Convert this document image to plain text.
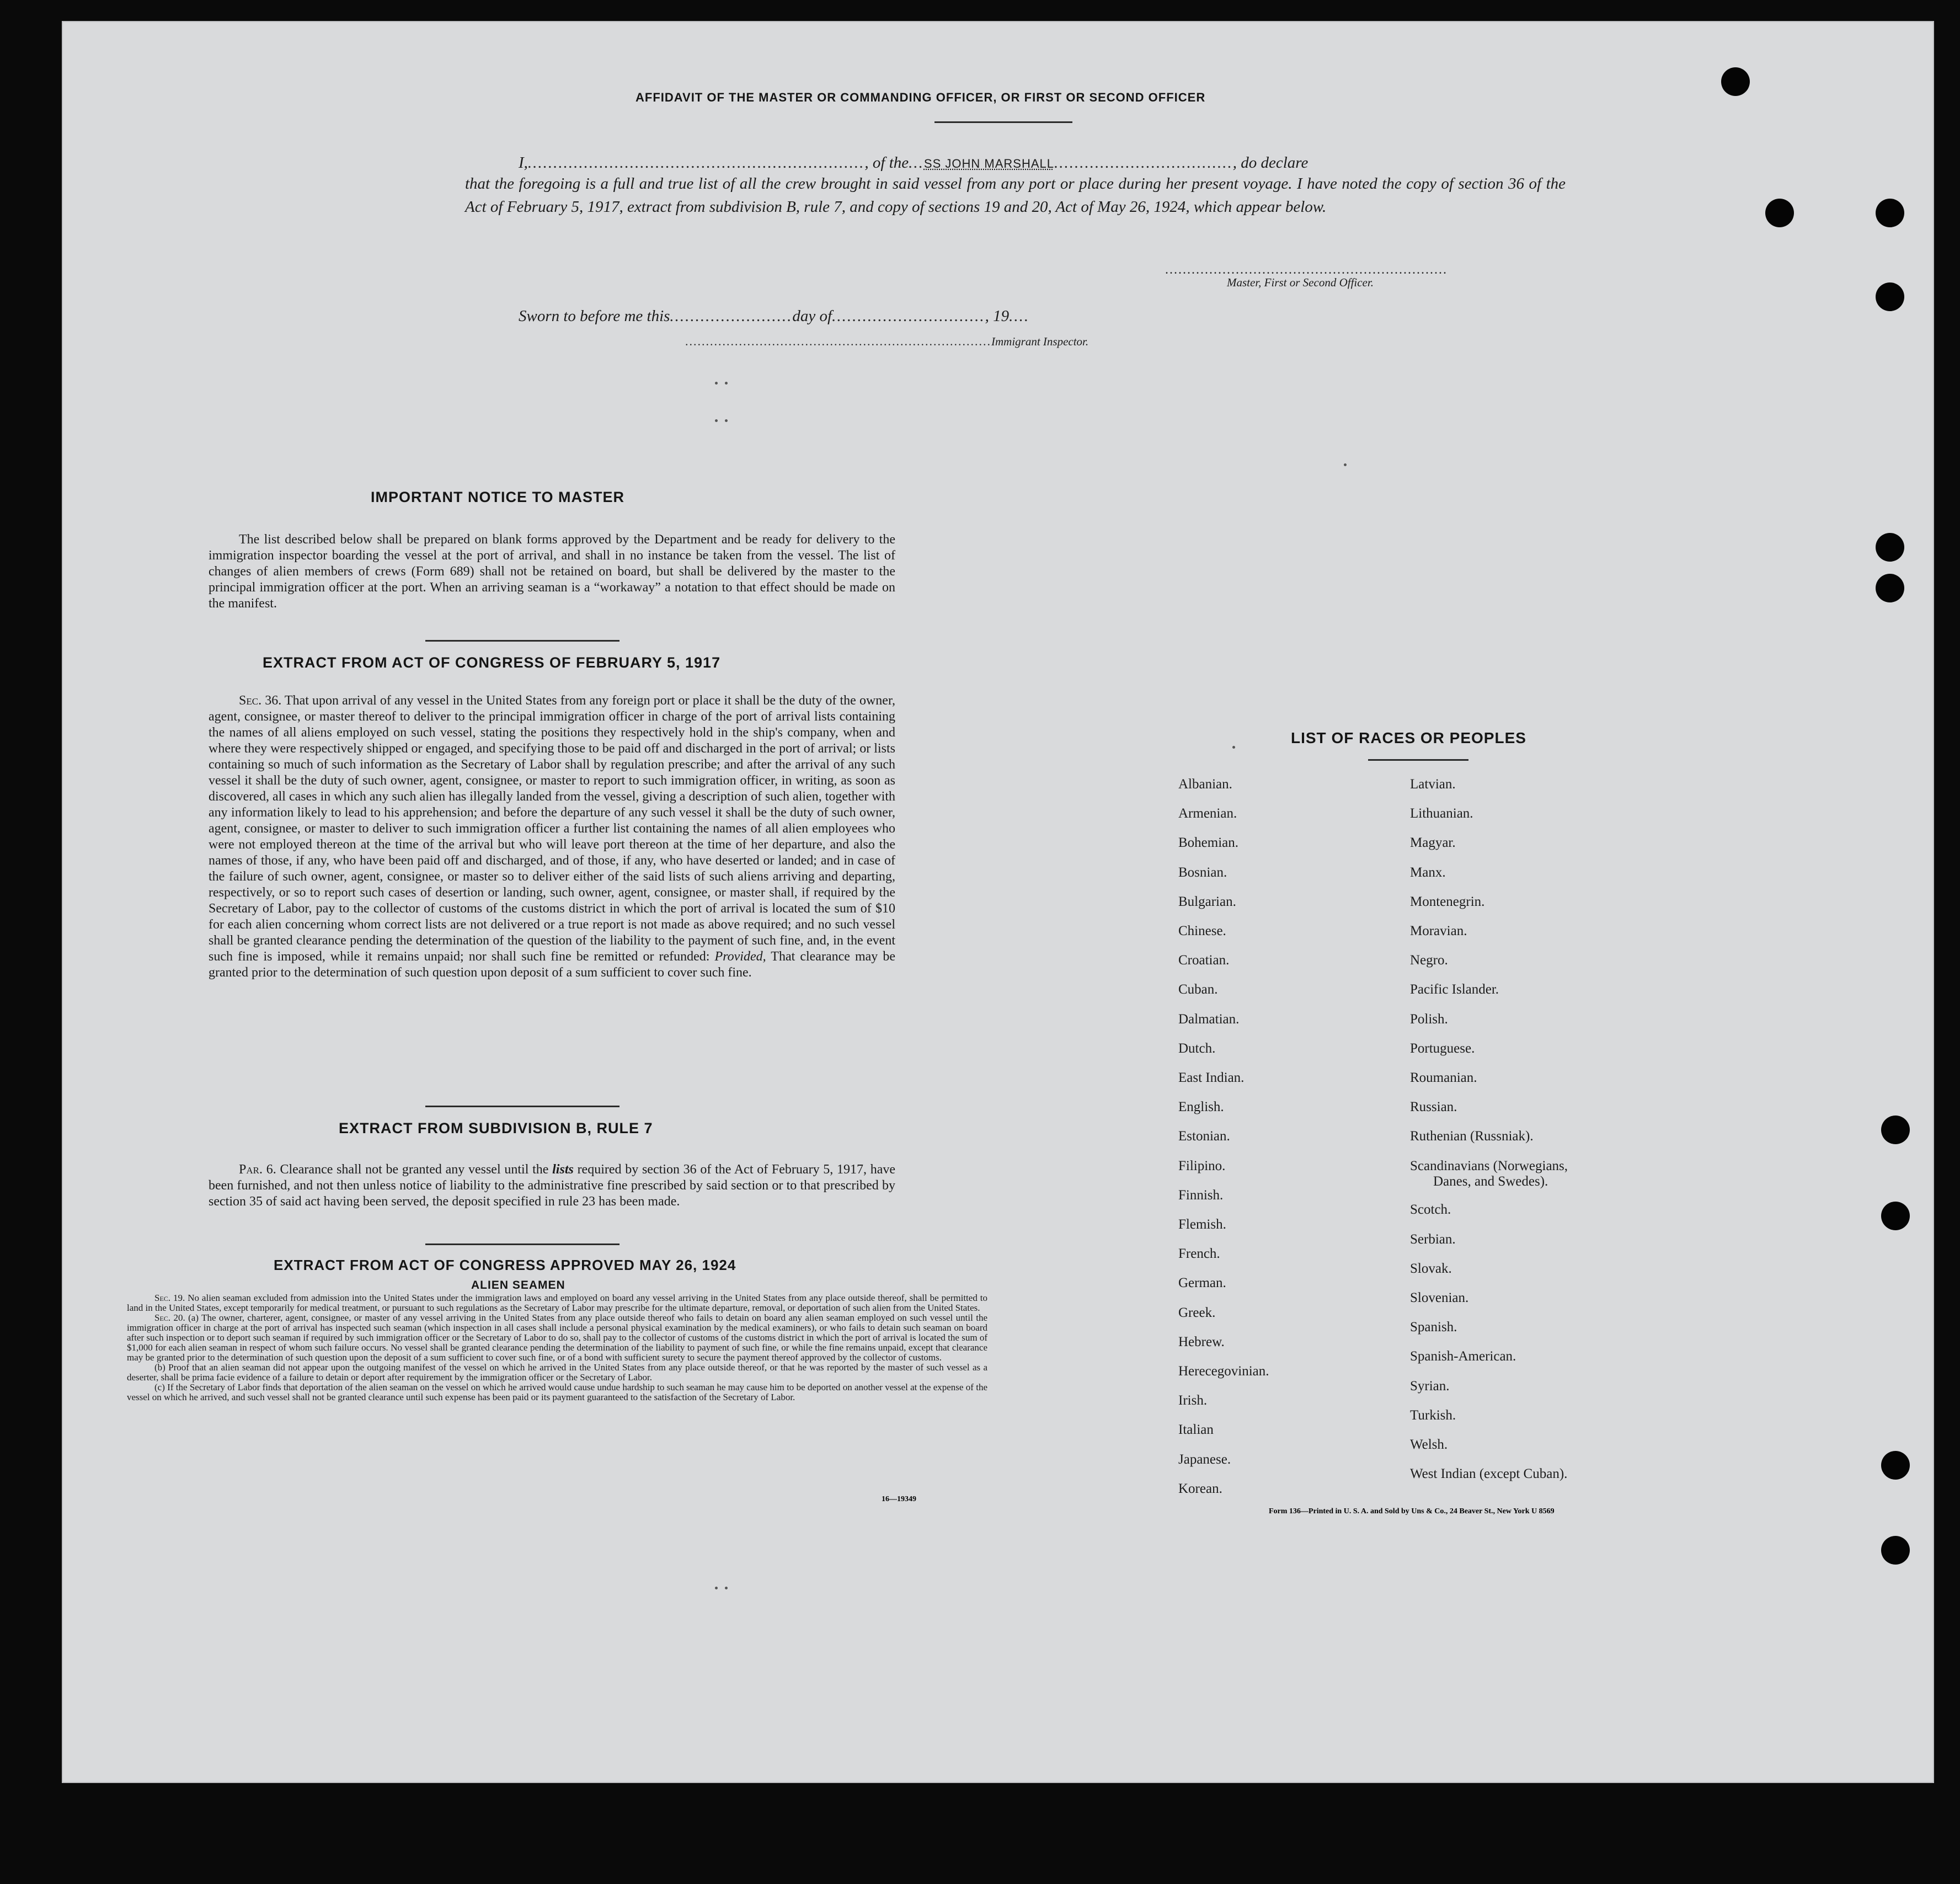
AFFIDAVIT OF THE MASTER OR COMMANDING OFFICER, OR FIRST OR SECOND OFFICER
I,.................................................................., of the...SS JOHN MARSHALL..................................., do declare
that the foregoing is a full and true list of all the crew brought in said vessel from any port or place during her present voyage. I have noted the copy of section 36 of the Act of February 5, 1917, extract from subdivision B, rule 7, and copy of sections 19 and 20, Act of May 26, 1924, which appear below.
................................................................
Master, First or Second Officer.
Sworn to before me this........................day of.............................., 19....
..........................................................................Immigrant Inspector.
IMPORTANT NOTICE TO MASTER
The list described below shall be prepared on blank forms approved by the Department and be ready for delivery to the immigration inspector boarding the vessel at the port of arrival, and shall in no instance be taken from the vessel. The list of changes of alien members of crews (Form 689) shall not be retained on board, but shall be delivered by the master to the principal immigration officer at the port. When an arriving seaman is a “workaway” a notation to that effect should be made on the manifest.
EXTRACT FROM ACT OF CONGRESS OF FEBRUARY 5, 1917
Sec. 36. That upon arrival of any vessel in the United States from any foreign port or place it shall be the duty of the owner, agent, consignee, or master thereof to deliver to the principal immigration officer in charge of the port of arrival lists containing the names of all aliens employed on such vessel, stating the positions they respectively hold in the ship's company, when and where they were respectively shipped or engaged, and specifying those to be paid off and discharged in the port of arrival; or lists containing so much of such information as the Secretary of Labor shall by regulation prescribe; and after the arrival of any such vessel it shall be the duty of such owner, agent, consignee, or master to report to such immigration officer, in writing, as soon as discovered, all cases in which any such alien has illegally landed from the vessel, giving a description of such alien, together with any information likely to lead to his apprehension; and before the departure of any such vessel it shall be the duty of such owner, agent, consignee, or master to deliver to such immigration officer a further list containing the names of all alien employees who were not employed thereon at the time of the arrival but who will leave port thereon at the time of her departure, and also the names of those, if any, who have been paid off and discharged, and of those, if any, who have deserted or landed; and in case of the failure of such owner, agent, consignee, or master so to deliver either of the said lists of such aliens arriving and departing, respectively, or so to report such cases of desertion or landing, such owner, agent, consignee, or master shall, if required by the Secretary of Labor, pay to the collector of customs of the customs district in which the port of arrival is located the sum of $10 for each alien concerning whom correct lists are not delivered or a true report is not made as above required; and no such vessel shall be granted clearance pending the determination of the question of the liability to the payment of such fine, and, in the event such fine is imposed, while it remains unpaid; nor shall such fine be remitted or refunded: Provided, That clearance may be granted prior to the determination of such question upon deposit of a sum sufficient to cover such fine.
EXTRACT FROM SUBDIVISION B, RULE 7
Par. 6. Clearance shall not be granted any vessel until the lists required by section 36 of the Act of February 5, 1917, have been furnished, and not then unless notice of liability to the administrative fine prescribed by said section or to that prescribed by section 35 of said act having been served, the deposit specified in rule 23 has been made.
EXTRACT FROM ACT OF CONGRESS APPROVED MAY 26, 1924
ALIEN SEAMEN
Sec. 19. No alien seaman excluded from admission into the United States under the immigration laws and employed on board any vessel arriving in the United States from any place outside thereof, shall be permitted to land in the United States, except temporarily for medical treatment, or pursuant to such regulations as the Secretary of Labor may prescribe for the ultimate departure, removal, or deportation of such alien from the United States.
Sec. 20. (a) The owner, charterer, agent, consignee, or master of any vessel arriving in the United States from any place outside thereof who fails to detain on board any alien seaman employed on such vessel until the immigration officer in charge at the port of arrival has inspected such seaman (which inspection in all cases shall include a personal physical examination by the medical examiners), or who fails to detain such seaman on board after such inspection or to deport such seaman if required by such immigration officer or the Secretary of Labor to do so, shall pay to the collector of customs of the customs district in which the port of arrival is located the sum of $1,000 for each alien seaman in respect of whom such failure occurs. No vessel shall be granted clearance pending the determination of the liability to payment of such fine, or while the fine remains unpaid, except that clearance may be granted prior to the determination of such question upon the deposit of a sum sufficient to cover such fine, or of a bond with sufficient surety to secure the payment thereof approved by the collector of customs.
(b) Proof that an alien seaman did not appear upon the outgoing manifest of the vessel on which he arrived in the United States from any place outside thereof, or that he was reported by the master of such vessel as a deserter, shall be prima facie evidence of a failure to detain or deport after requirement by the immigration officer or the Secretary of Labor.
(c) If the Secretary of Labor finds that deportation of the alien seaman on the vessel on which he arrived would cause undue hardship to such seaman he may cause him to be deported on another vessel at the expense of the vessel on which he arrived, and such vessel shall not be granted clearance until such expense has been paid or its payment guaranteed to the satisfaction of the Secretary of Labor.
16—19349
LIST OF RACES OR PEOPLES
Albanian.
Armenian.
Bohemian.
Bosnian.
Bulgarian.
Chinese.
Croatian.
Cuban.
Dalmatian.
Dutch.
East Indian.
English.
Estonian.
Filipino.
Finnish.
Flemish.
French.
German.
Greek.
Hebrew.
Herecegovinian.
Irish.
Italian
Japanese.
Korean.
Latvian.
Lithuanian.
Magyar.
Manx.
Montenegrin.
Moravian.
Negro.
Pacific Islander.
Polish.
Portuguese.
Roumanian.
Russian.
Ruthenian (Russniak).
Scandinavians (Norwegians,
Danes, and Swedes).
Scotch.
Serbian.
Slovak.
Slovenian.
Spanish.
Spanish-American.
Syrian.
Turkish.
Welsh.
West Indian (except Cuban).
Form 136—Printed in U. S. A. and Sold by Uns & Co., 24 Beaver St., New York U 8569
